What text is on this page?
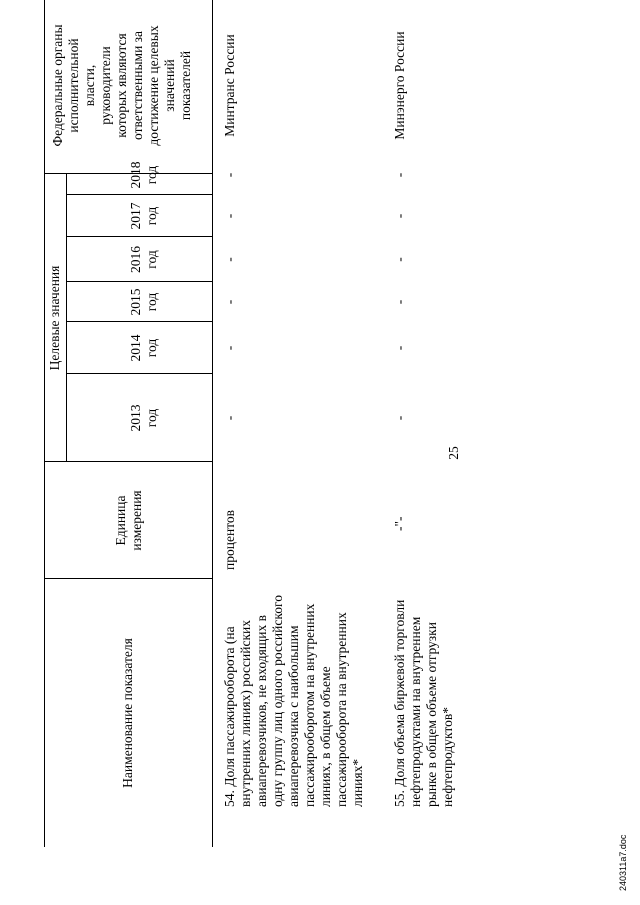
25
Наименование показателя
Единица измерения
Целевые значения
2013 год
2014 год
2015 год
2016 год
2017 год
2018 год
Федеральные органы исполнительной власти, руководители которых являются ответственными за достижение целевых значений показателей
54. Доля пассажирооборота (на внутренних линиях) российских авиаперевозчиков, не входящих в одну группу лиц одного российского авиаперевозчика с наибольшим пассажирооборотом на внутренних линиях, в общем объеме пассажирооборота на внутренних линиях*
процентов
-
-
-
-
-
-
Минтранс России
55. Доля объема биржевой торговли нефтепродуктами на внутреннем рынке в общем объеме отгрузки нефтепродуктов*
-"-
-
-
-
-
-
-
Минэнерго России
240311a7.doc
